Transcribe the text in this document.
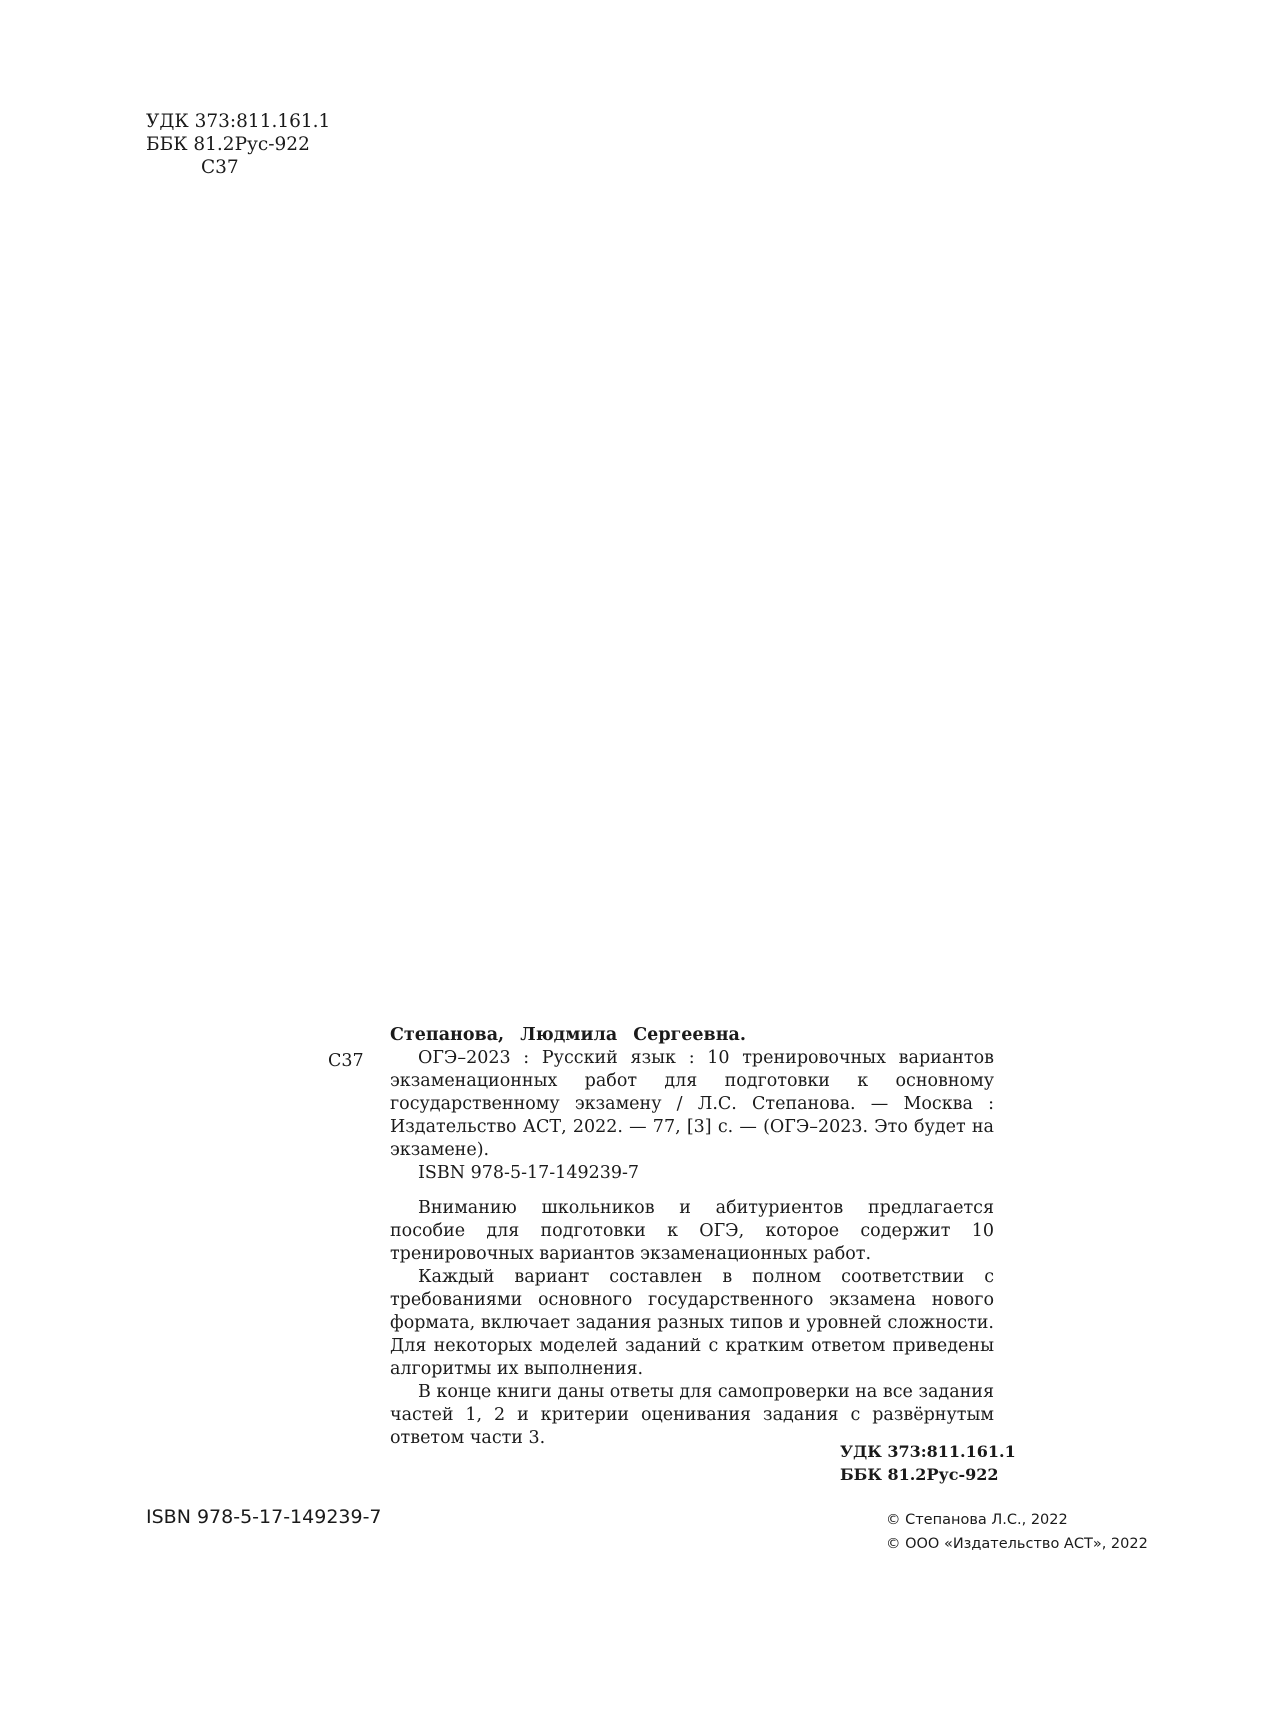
УДК 373:811.161.1
ББК 81.2Рус-922
С37
С37
Степанова, Людмила Сергеевна.

ОГЭ–2023 : Русский язык : 10 тренировочных вариантов экзаменационных работ для подготовки к основному государственному экзамену / Л.С. Степанова. — Москва : Издательство АСТ, 2022. — 77, [3] с. — (ОГЭ–2023. Это будет на экзамене).

ISBN 978-5-17-149239-7

Вниманию школьников и абитуриентов предлагается пособие для подготовки к ОГЭ, которое содержит 10 тренировочных вариантов экзаменационных работ.

Каждый вариант составлен в полном соответствии с требованиями основного государственного экзамена нового формата, включает задания разных типов и уровней сложности. Для некоторых моделей заданий с кратким ответом приведены алгоритмы их выполнения.

В конце книги даны ответы для самопроверки на все задания частей 1, 2 и критерии оценивания задания с развёрнутым ответом части 3.

УДК 373:811.161.1
ББК 81.2Рус-922
ISBN 978-5-17-149239-7	© Степанова Л.С., 2022
© ООО «Издательство АСТ», 2022
